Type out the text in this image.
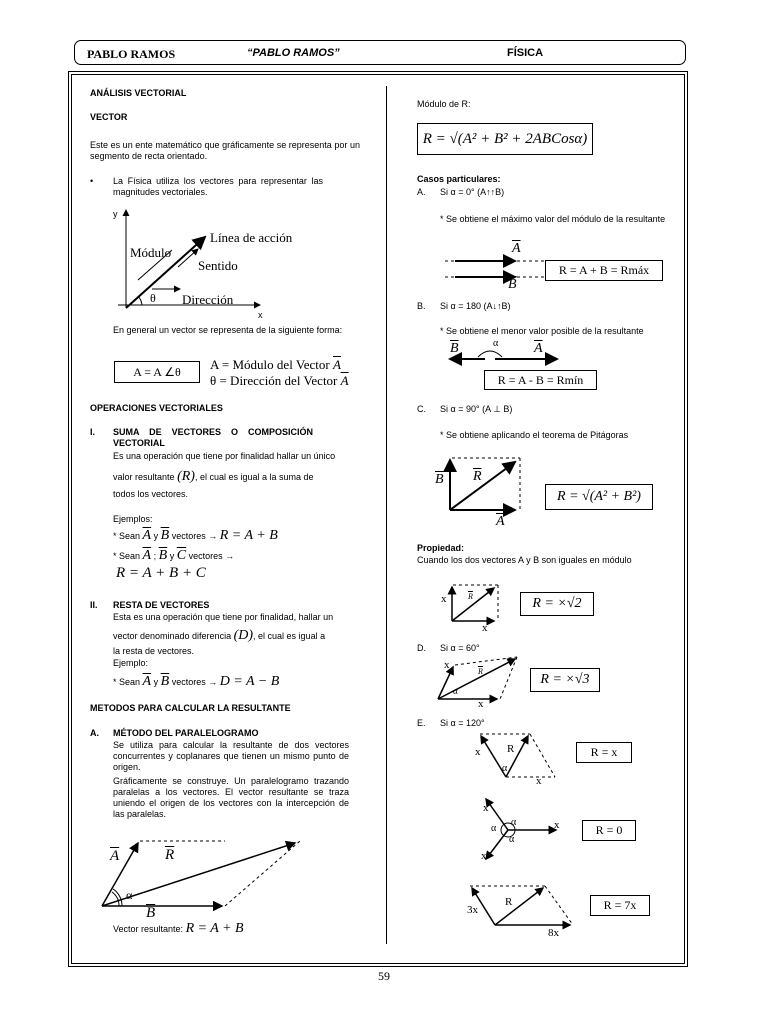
PABLO RAMOS	“PABLO RAMOS”	FÍSICA
ANÁLISIS VECTORIAL
VECTOR
Este es un ente matemático que gráficamente se representa por un segmento de recta orientado.
• La Física utiliza los vectores para representar las magnitudes vectoriales.
y
x
Línea de acción
Módulo
Sentido
θ Dirección
En general un vector se representa de la siguiente forma:
A = A ∠θ	A = Módulo del Vector $\overline{A}$
θ = Dirección del Vector $\overline{A}$
OPERACIONES VECTORIALES
I. SUMA DE VECTORES O COMPOSICIÓN VECTORIAL
Es una operación que tiene por finalidad hallar un único
valor resultante (R), el cual es igual a la suma de
todos los vectores.
Ejemplos:
* Sean $\overline{A}$ y $\overline{B}$ vectores → R = A + B
* Sean $\overline{A}$ ; $\overline{B}$ y $\overline{C}$ vectores →
R = A + B + C
II. RESTA DE VECTORES
Esta es una operación que tiene por finalidad, hallar un
vector denominado diferencia (D), el cual es igual a
la resta de vectores.
Ejemplo:
* Sean $\overline{A}$ y $\overline{B}$ vectores → D = A − B
METODOS PARA CALCULAR LA RESULTANTE
A. MÉTODO DEL PARALELOGRAMO
Se utiliza para calcular la resultante de dos vectores concurrentes y coplanares que tienen un mismo punto de origen.
Gráficamente se construye. Un paralelogramo trazando paralelas a los vectores. El vector resultante se traza uniendo el origen de los vectores con la intercepción de las paralelas.
$\overline{A}$	$\overline{R}$
$\overline{B}$
α
Vector resultante: R = A + B
Módulo de R:
R = √(A² + B² + 2ABCosα)
Casos particulares:
A. Si α = 0° (A↑↑B)
* Se obtiene el máximo valor del módulo de la resultante
$\overline{A}$
$\overline{B}$
R = A + B = Rmáx
B. Si α = 180 (A↓↑B)
* Se obtiene el menor valor posible de la resultante
$\overline{B}$	$\overline{A}$
α
R = A - B = Rmín
C. Si α = 90° (A ⊥ B)
* Se obtiene aplicando el teorema de Pitágoras
$\overline{B}$ $\overline{R}$
$\overline{A}$
R = √(A² + B²)
Propiedad:
Cuando los dos vectores A y B son iguales en módulo
x
x
$\overline{R}$	R = ×√2
D. Si α = 60°
x
x
$\overline{R}$
α
R = ×√3
E. Si α = 120°
x R
α
x
R = x
x
α
α
α
x
x
R = 0
3x
R
8x
R = 7x
59
